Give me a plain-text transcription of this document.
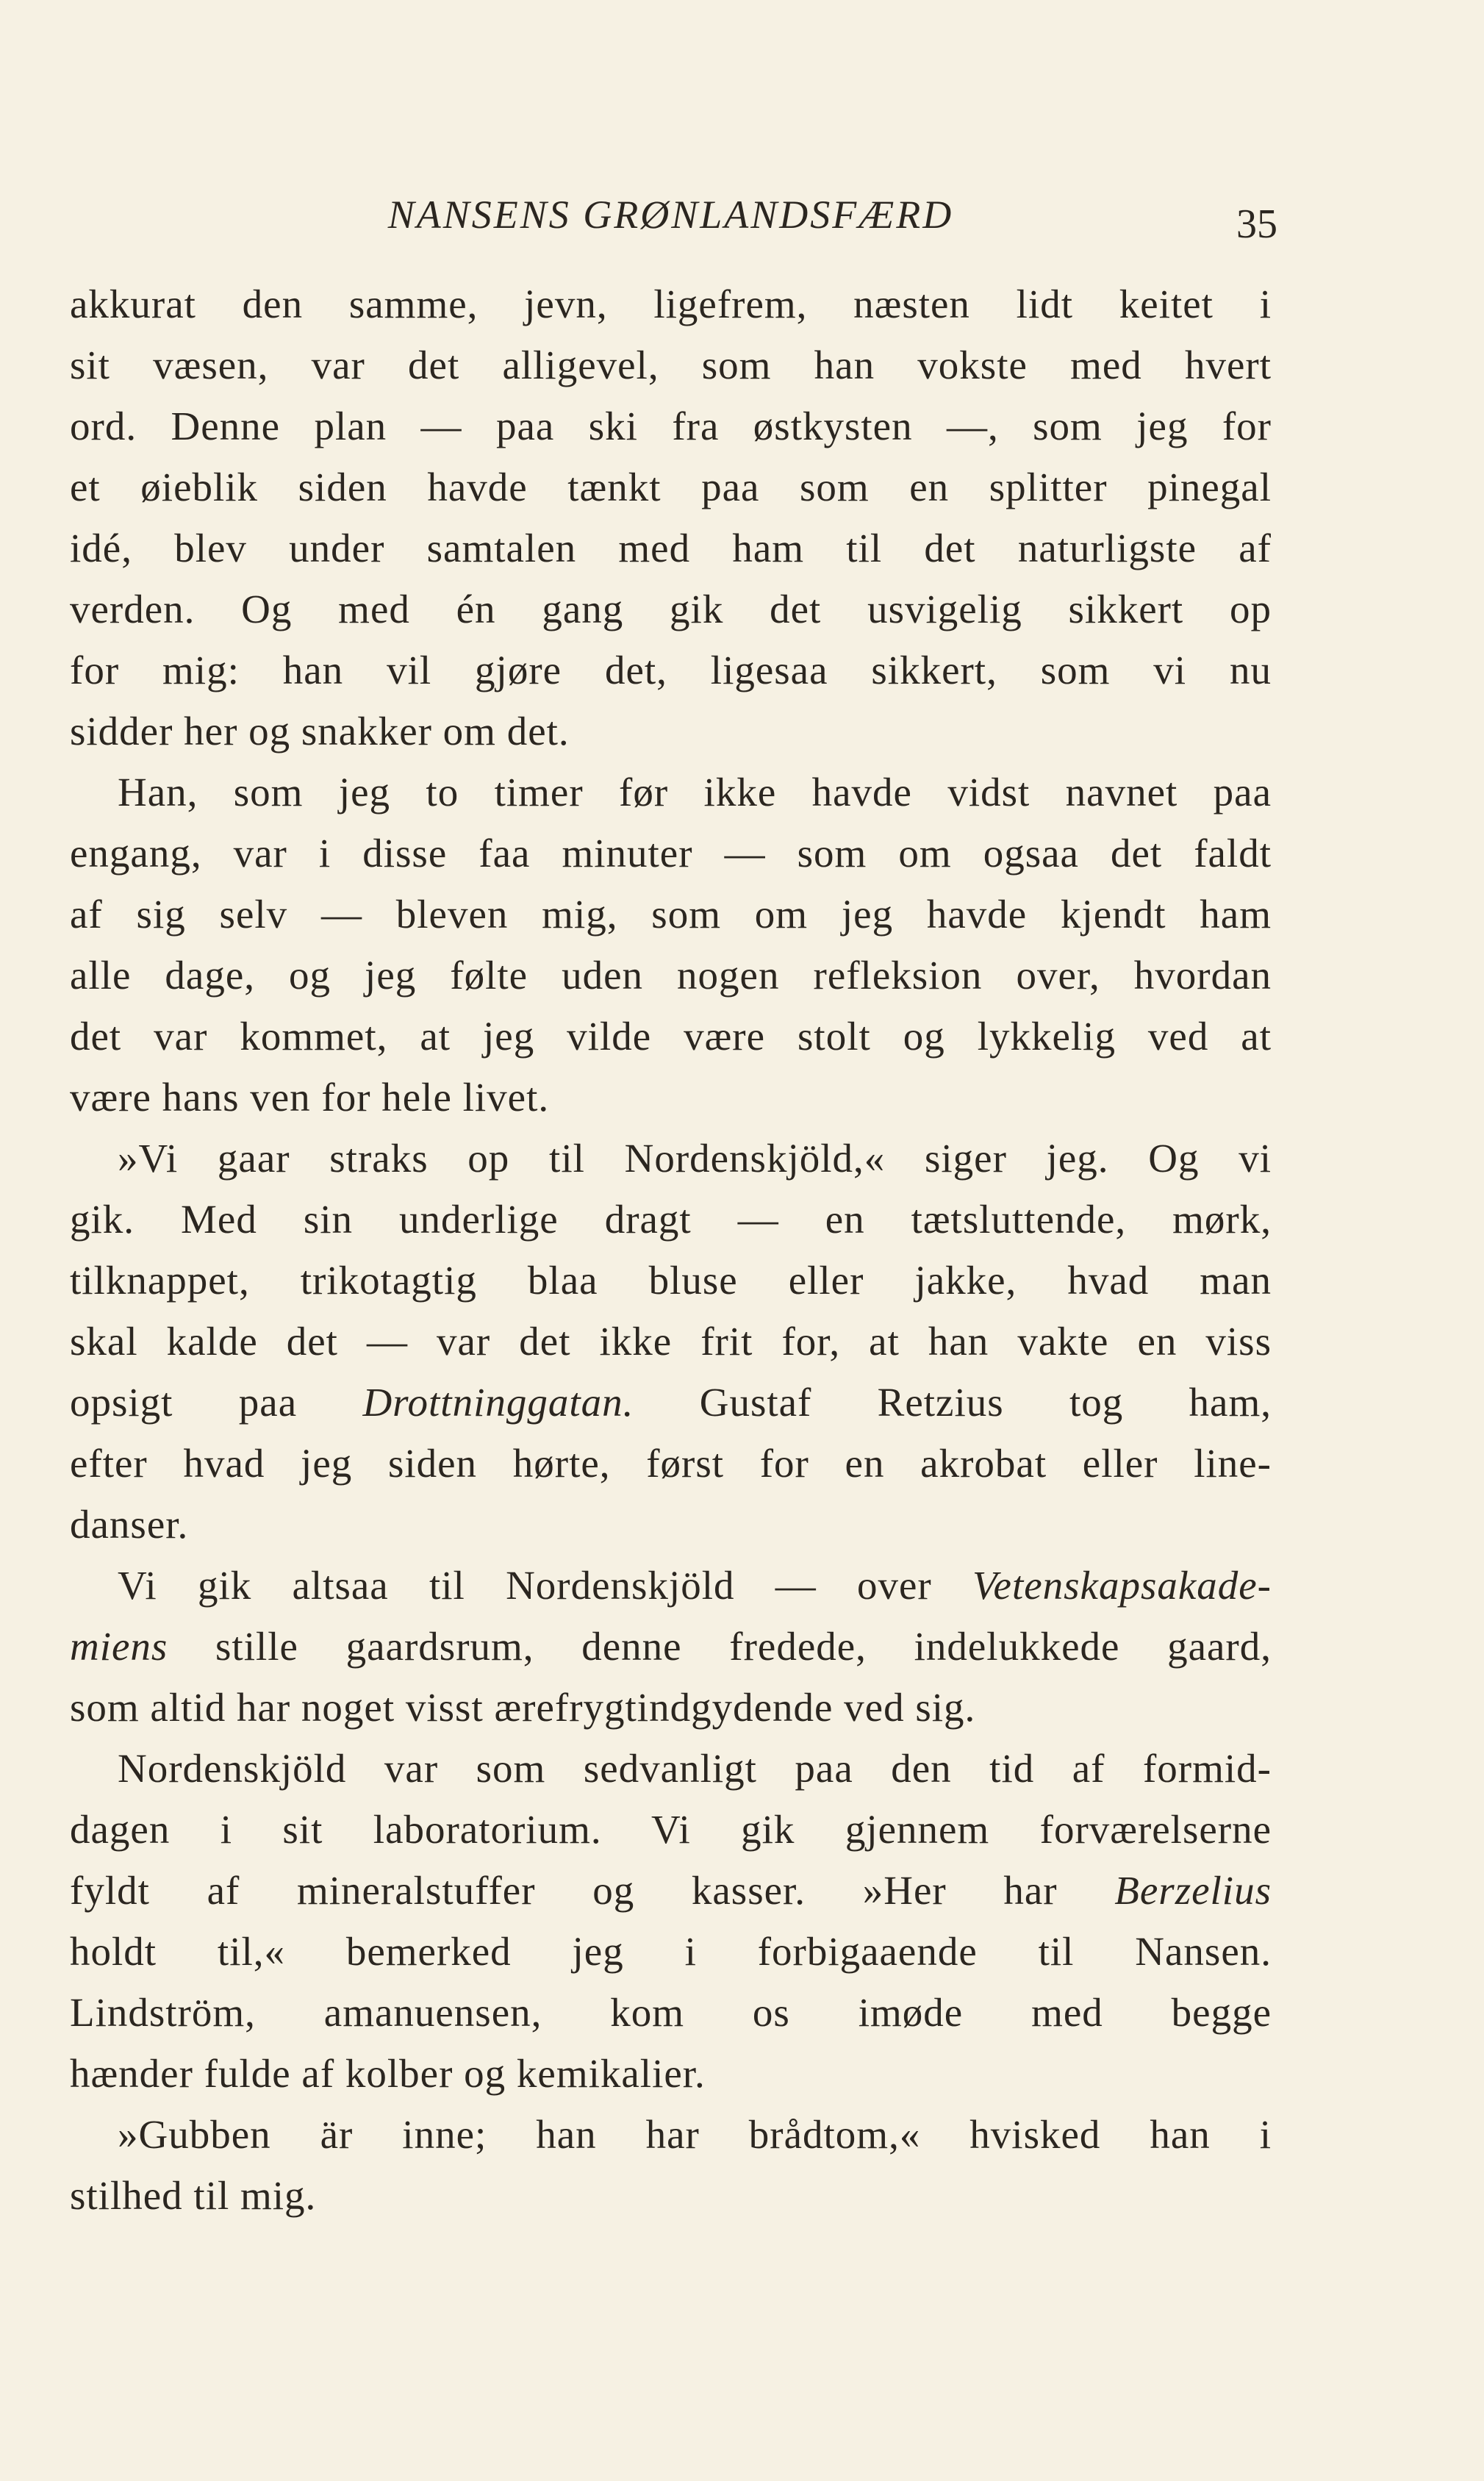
NANSENS GRØNLANDSFÆRD	35
akkurat den samme, jevn, ligefrem, næsten lidt keitet i
sit væsen, var det alligevel, som han vokste med hvert
ord. Denne plan — paa ski fra østkysten —, som jeg for
et øieblik siden havde tænkt paa som en splitter pinegal
idé, blev under samtalen med ham til det naturligste af
verden. Og med én gang gik det usvigelig sikkert op
for mig: han vil gjøre det, ligesaa sikkert, som vi nu
sidder her og snakker om det.
Han, som jeg to timer før ikke havde vidst navnet paa
engang, var i disse faa minuter — som om ogsaa det faldt
af sig selv — bleven mig, som om jeg havde kjendt ham
alle dage, og jeg følte uden nogen refleksion over, hvordan
det var kommet, at jeg vilde være stolt og lykkelig ved at
være hans ven for hele livet.
»Vi gaar straks op til Nordenskjöld,« siger jeg. Og vi
gik. Med sin underlige dragt — en tætsluttende, mørk,
tilknappet, trikotagtig blaa bluse eller jakke, hvad man
skal kalde det — var det ikke frit for, at han vakte en viss
opsigt paa Drottninggatan. Gustaf Retzius tog ham,
efter hvad jeg siden hørte, først for en akrobat eller line-
danser.
Vi gik altsaa til Nordenskjöld — over Vetenskapsakade-
miens stille gaardsrum, denne fredede, indelukkede gaard,
som altid har noget visst ærefrygtindgydende ved sig.
Nordenskjöld var som sedvanligt paa den tid af formid-
dagen i sit laboratorium. Vi gik gjennem forværelserne
fyldt af mineralstuffer og kasser. »Her har Berzelius
holdt til,« bemerked jeg i forbigaaende til Nansen.
Lindström, amanuensen, kom os imøde med begge
hænder fulde af kolber og kemikalier.
»Gubben är inne; han har brådtom,« hvisked han i
stilhed til mig.
